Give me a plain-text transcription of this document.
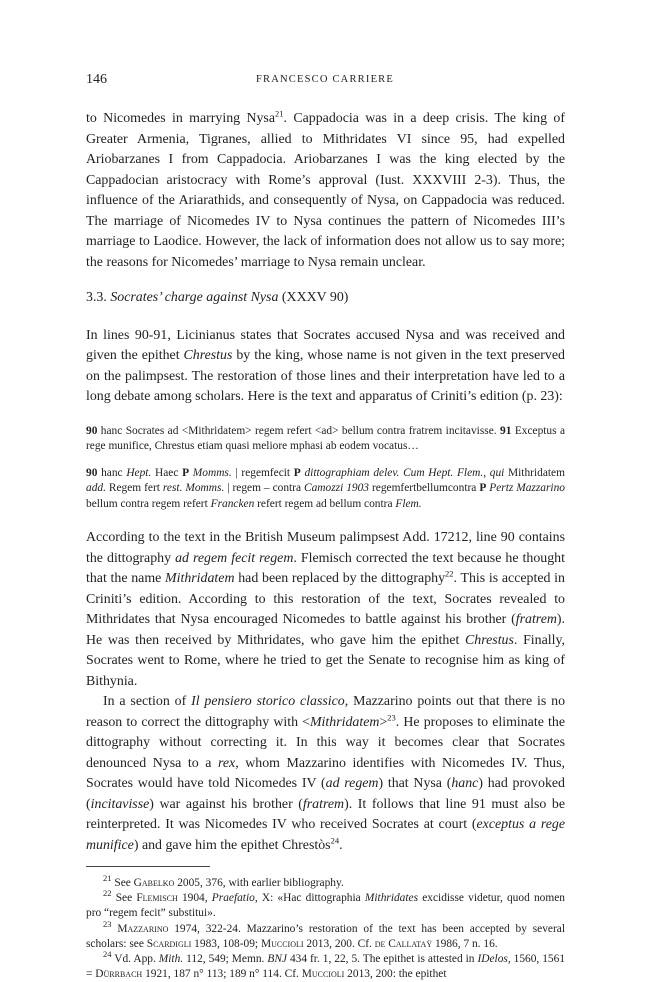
146	FRANCESCO CARRIERE

to Nicomedes in marrying Nysa$^{21}$. Cappadocia was in a deep crisis. The king of Greater Armenia, Tigranes, allied to Mithridates VI since 95, had expelled Ariobarzanes I from Cappadocia. Ariobarzanes I was the king elected by the Cappadocian aristocracy with Rome’s approval (Iust. XXXVIII 2-3). Thus, the influence of the Ariarathids, and consequently of Nysa, on Cappadocia was reduced. The marriage of Nicomedes IV to Nysa continues the pattern of Nicomedes III’s marriage to Laodice. However, the lack of information does not allow us to say more; the reasons for Nicomedes’ marriage to Nysa remain unclear.

3.3. Socrates’ charge against Nysa (XXXV 90)

In lines 90-91, Licinianus states that Socrates accused Nysa and was received and given the epithet Chrestus by the king, whose name is not given in the text preserved on the palimpsest. The restoration of those lines and their interpretation have led to a long debate among scholars. Here is the text and apparatus of Criniti’s edition (p. 23):

90 hanc Socrates ad <Mithridatem> regem refert <ad> bellum contra fratrem incitavisse. 91 Exceptus a rege munifice, Chrestus etiam quasi meliore mphasi ab eodem vocatus…
90 hanc Hept. Haec P Momms. | regemfecit P dittographiam delev. Cum Hept. Flem., qui Mithridatem add. Regem fert rest. Momms. | regem – contra Camozzi 1903 regemfertbellumcontra P Pertz Mazzarino bellum contra regem refert Francken refert regem ad bellum contra Flem.

According to the text in the British Museum palimpsest Add. 17212, line 90 contains the dittography ad regem fecit regem. Flemisch corrected the text because he thought that the name Mithridatem had been replaced by the dittography$^{22}$. This is accepted in Criniti’s edition. According to this restoration of the text, Socrates revealed to Mithridates that Nysa encouraged Nicomedes to battle against his brother (fratrem). He was then received by Mithridates, who gave him the epithet Chrestus. Finally, Socrates went to Rome, where he tried to get the Senate to recognise him as king of Bithynia.

In a section of Il pensiero storico classico, Mazzarino points out that there is no reason to correct the dittography with <Mithridatem>$^{23}$. He proposes to eliminate the dittography without correcting it. In this way it becomes clear that Socrates denounced Nysa to a rex, whom Mazzarino identifies with Nicomedes IV. Thus, Socrates would have told Nicomedes IV (ad regem) that Nysa (hanc) had provoked (incitavisse) war against his brother (fratrem). It follows that line 91 must also be reinterpreted. It was Nicomedes IV who received Socrates at court (exceptus a rege munifice) and gave him the epithet Chrestòs$^{24}$.

$^{21}$ See Gabelko 2005, 376, with earlier bibliography.
$^{22}$ See Flemisch 1904, Praefatio, X: «Hac dittographia Mithridates excidisse videtur, quod nomen pro “regem fecit” substitui».
$^{23}$ Mazzarino 1974, 322-24. Mazzarino’s restoration of the text has been accepted by several scholars: see Scardigli 1983, 108-09; Muccioli 2013, 200. Cf. de Callataÿ 1986, 7 n. 16.
$^{24}$ Vd. App. Mith. 112, 549; Memn. BNJ 434 fr. 1, 22, 5. The epithet is attested in IDelos, 1560, 1561 = Dürrbach 1921, 187 n° 113; 189 n° 114. Cf. Muccioli 2013, 200: the epithet
